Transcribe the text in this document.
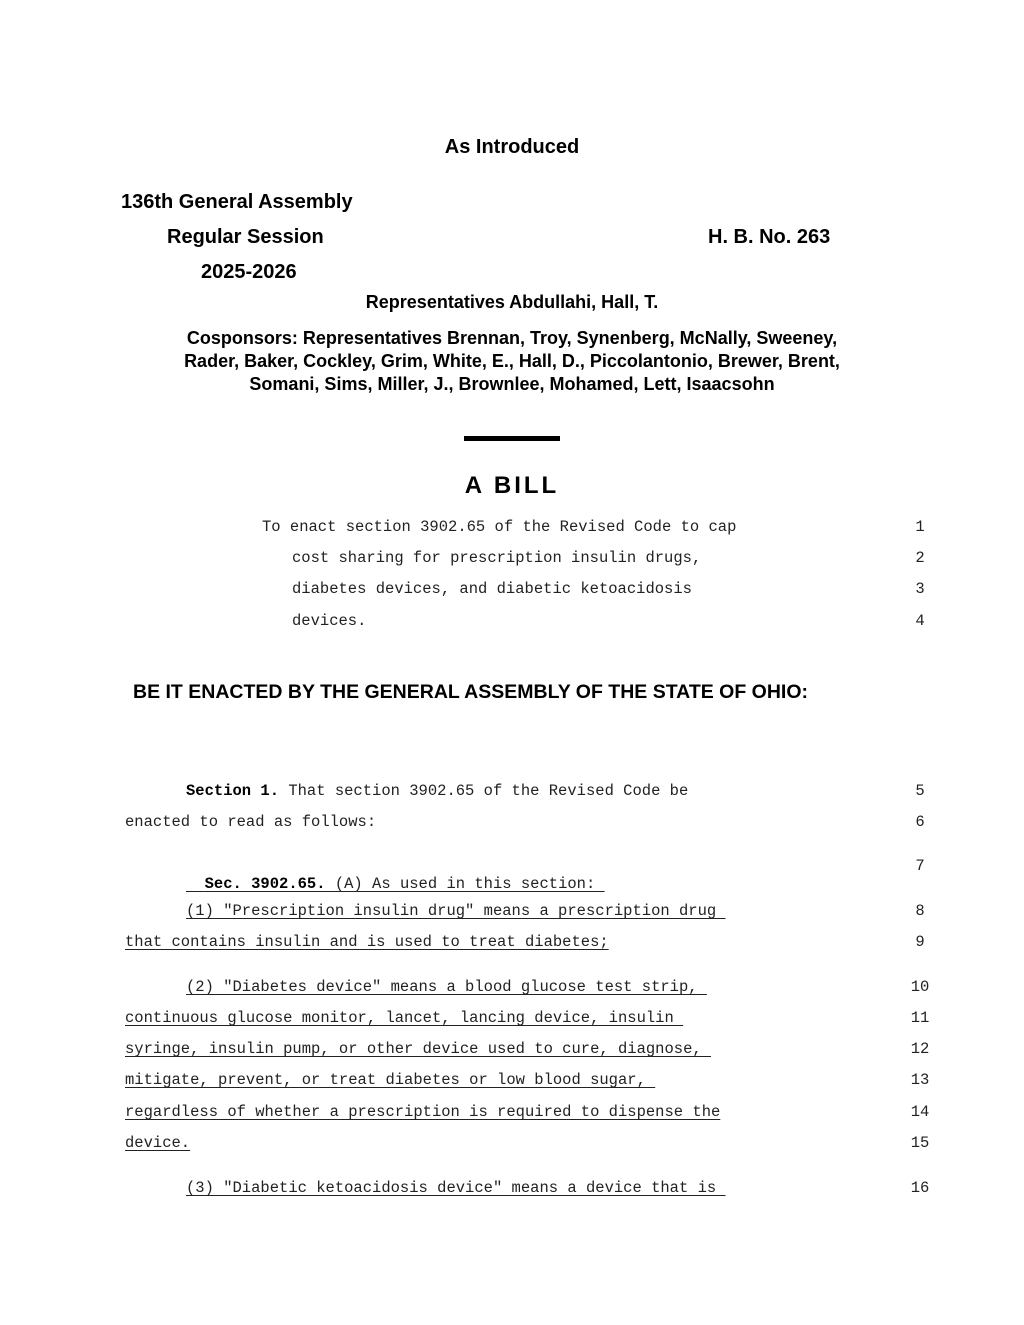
As Introduced
136th General Assembly
Regular Session	H. B. No. 263
2025-2026
Representatives Abdullahi, Hall, T.
Cosponsors: Representatives Brennan, Troy, Synenberg, McNally, Sweeney,
Rader, Baker, Cockley, Grim, White, E., Hall, D., Piccolantonio, Brewer, Brent,
Somani, Sims, Miller, J., Brownlee, Mohamed, Lett, Isaacsohn
A BILL
To enact section 3902.65 of the Revised Code to cap	1
cost sharing for prescription insulin drugs,	2
diabetes devices, and diabetic ketoacidosis	3
devices.	4
BE IT ENACTED BY THE GENERAL ASSEMBLY OF THE STATE OF OHIO:
Section 1. That section 3902.65 of the Revised Code be	5
enacted to read as follows:	6

Sec. 3902.65. (A) As used in this section:

7
(1) "Prescription insulin drug" means a prescription drug	8
that contains insulin and is used to treat diabetes;	9
(2) "Diabetes device" means a blood glucose test strip,	10
continuous glucose monitor, lancet, lancing device, insulin	11
syringe, insulin pump, or other device used to cure, diagnose,	12
mitigate, prevent, or treat diabetes or low blood sugar,	13
regardless of whether a prescription is required to dispense the	14
device.	15
(3) "Diabetic ketoacidosis device" means a device that is	16
